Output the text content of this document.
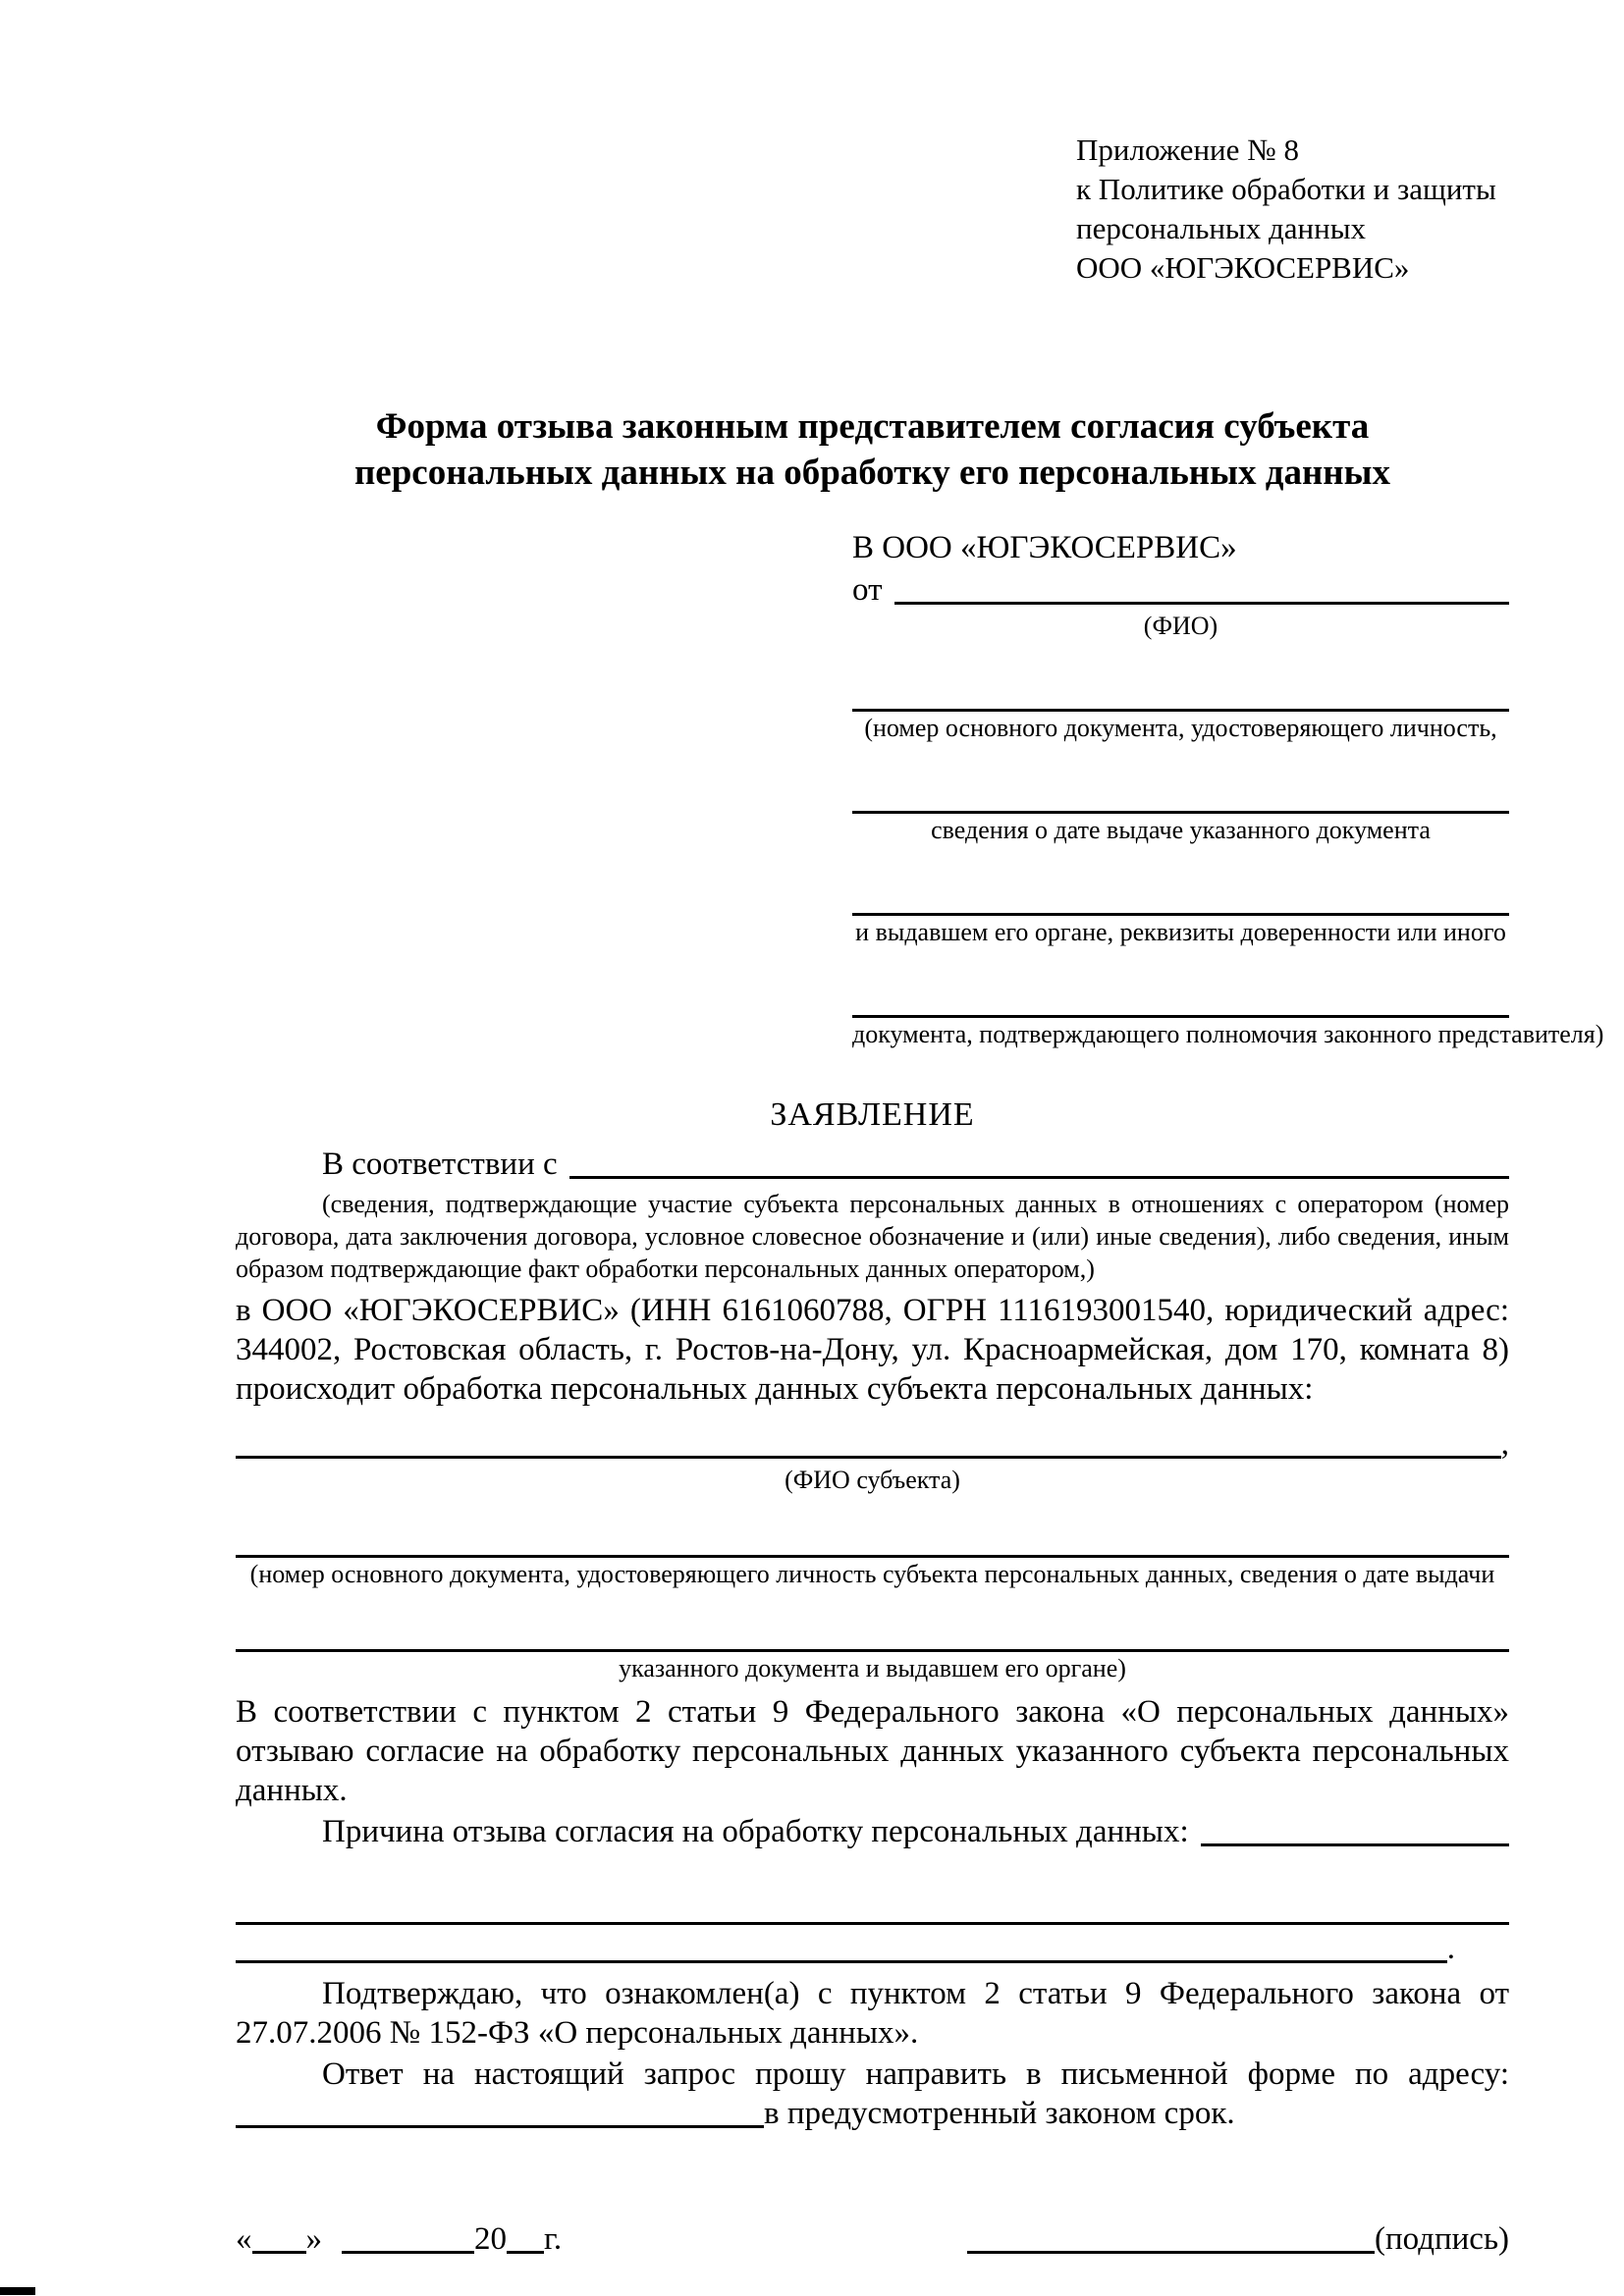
Приложение № 8
к Политике обработки и защиты
персональных данных
ООО «ЮГЭКОСЕРВИС»
Форма отзыва законным представителем согласия субъекта
персональных данных на обработку его персональных данных
В ООО «ЮГЭКОСЕРВИС»
от
(ФИО)
(номер основного документа, удостоверяющего личность,
сведения о дате выдаче указанного документа
и выдавшем его органе, реквизиты доверенности или иного
документа, подтверждающего полномочия законного представителя)
ЗАЯВЛЕНИЕ
В соответствии с
(сведения, подтверждающие участие субъекта персональных данных в отношениях с оператором (номер договора, дата заключения договора, условное словесное обозначение и (или) иные сведения), либо сведения, иным образом подтверждающие факт обработки персональных данных оператором,)
в ООО «ЮГЭКОСЕРВИС» (ИНН 6161060788, ОГРН 1116193001540, юридический адрес: 344002, Ростовская область, г. Ростов-на-Дону, ул. Красноармейская, дом 170, комната 8) происходит обработка персональных данных субъекта персональных данных:
,
(ФИО субъекта)
(номер основного документа, удостоверяющего личность субъекта персональных данных, сведения о дате выдачи
указанного документа и выдавшем его органе)
В соответствии с пунктом 2 статьи 9 Федерального закона «О персональных данных» отзываю согласие на обработку персональных данных указанного субъекта персональных данных.
Причина отзыва согласия на обработку персональных данных:
.
Подтверждаю, что ознакомлен(а) с пунктом 2 статьи 9 Федерального закона от 27.07.2006 № 152-ФЗ «О персональных данных».
Ответ на настоящий запрос прошу направить в письменной форме по адресу:
в предусмотренный законом срок.
« »	20 г.	(подпись)
